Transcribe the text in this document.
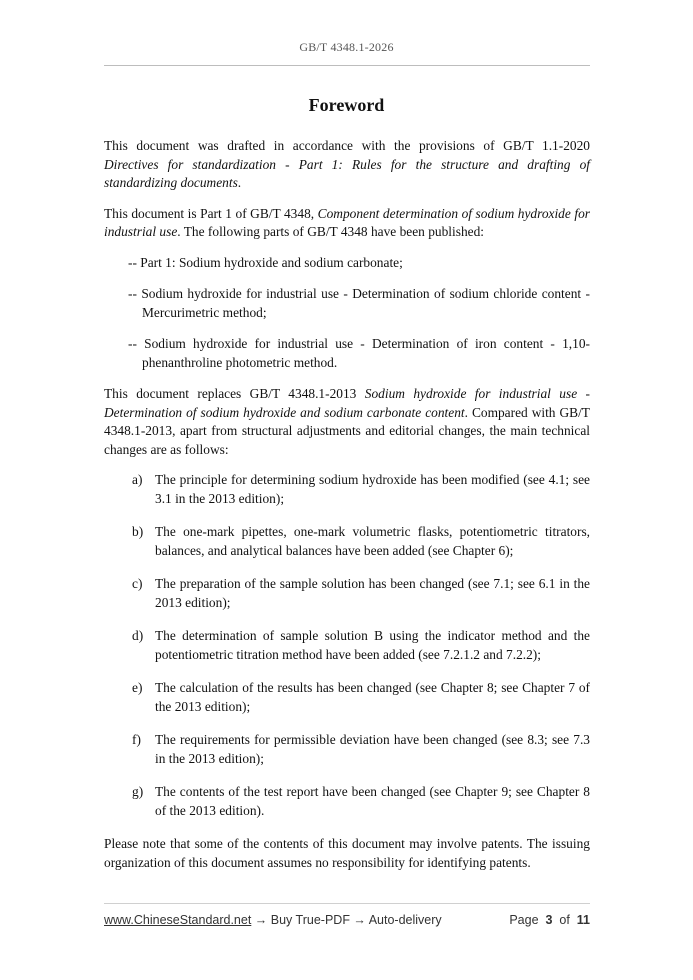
GB/T 4348.1-2026
Foreword

This document was drafted in accordance with the provisions of GB/T 1.1-2020 Directives for standardization - Part 1: Rules for the structure and drafting of standardizing documents.

This document is Part 1 of GB/T 4348, Component determination of sodium hydroxide for industrial use. The following parts of GB/T 4348 have been published:

-- Part 1: Sodium hydroxide and sodium carbonate;

-- Sodium hydroxide for industrial use - Determination of sodium chloride content - Mercurimetric method;

-- Sodium hydroxide for industrial use - Determination of iron content - 1,10-phenanthroline photometric method.

This document replaces GB/T 4348.1-2013 Sodium hydroxide for industrial use - Determination of sodium hydroxide and sodium carbonate content. Compared with GB/T 4348.1-2013, apart from structural adjustments and editorial changes, the main technical changes are as follows:

a) The principle for determining sodium hydroxide has been modified (see 4.1; see 3.1 in the 2013 edition);
b) The one-mark pipettes, one-mark volumetric flasks, potentiometric titrators, balances, and analytical balances have been added (see Chapter 6);
c) The preparation of the sample solution has been changed (see 7.1; see 6.1 in the 2013 edition);
d) The determination of sample solution B using the indicator method and the potentiometric titration method have been added (see 7.2.1.2 and 7.2.2);
e) The calculation of the results has been changed (see Chapter 8; see Chapter 7 of the 2013 edition);
f)	The requirements for permissible deviation have been changed (see 8.3; see 7.3 in the 2013 edition);
g) The contents of the test report have been changed (see Chapter 9; see Chapter 8 of the 2013 edition).

Please note that some of the contents of this document may involve patents. The issuing organization of this document assumes no responsibility for identifying patents.

www.ChineseStandard.net → Buy True-PDF → Auto-delivery	Page 3 of 11
